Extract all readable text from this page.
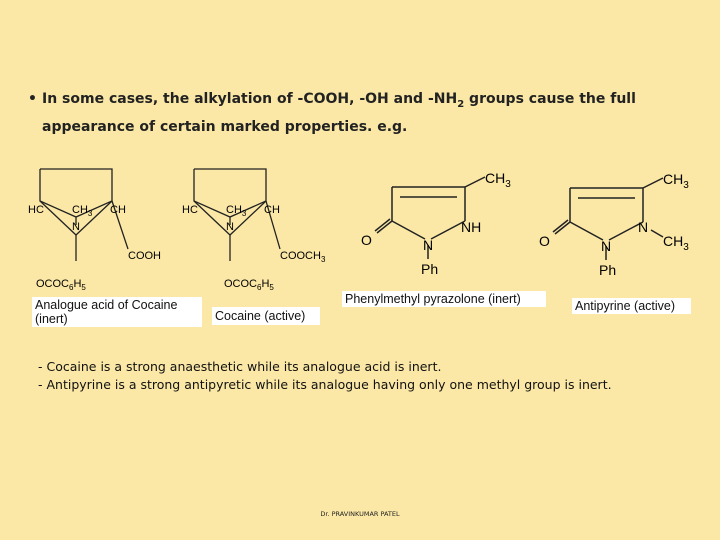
• In some cases, the alkylation of -COOH, -OH and $-NH_2$ groups cause the full appearance of certain marked properties. e.g.
HC	$CH_3$ CH
N
COOH
$OCOC_6H_5$
HC	$CH_3$ CH
N
$COOCH_3$
$OCOC_6H_5$
$CH_3$
O
NH
N
Ph
$CH_3$
O
N
$CH_3$
N
Ph
Analogue acid of Cocaine
(inert)	Cocaine (active)
Phenylmethyl pyrazolone (inert)	Antipyrine (active)
- Cocaine is a strong anaesthetic while its analogue acid is inert.
- Antipyrine is a strong antipyretic while its analogue having only one methyl group is inert.
Dr. PRAVINKUMAR PATEL
